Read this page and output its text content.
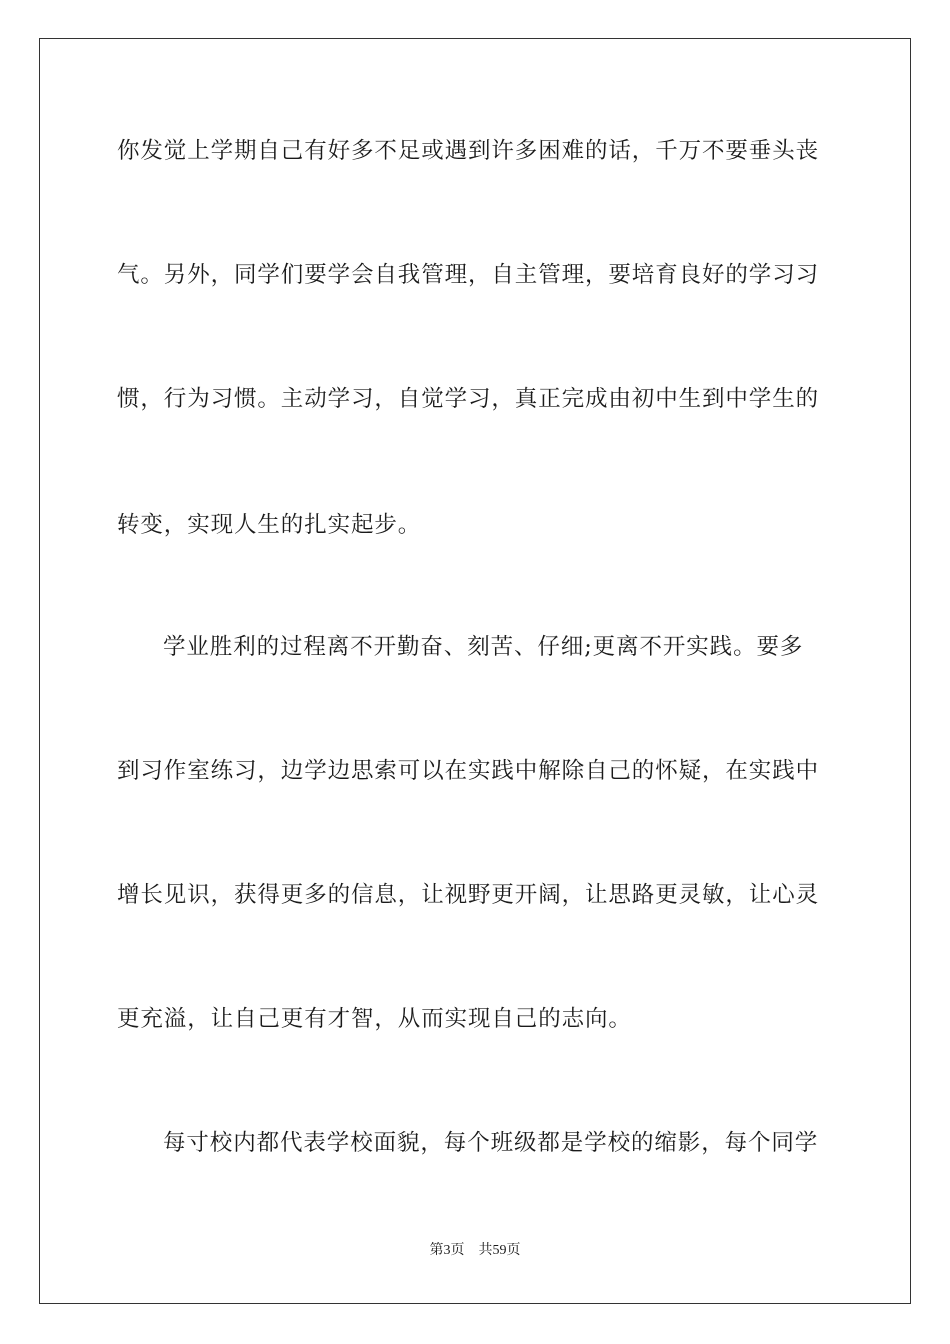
你发觉上学期自己有好多不足或遇到许多困难的话，千万不要垂头丧
气。另外，同学们要学会自我管理，自主管理，要培育良好的学习习
惯，行为习惯。主动学习，自觉学习，真正完成由初中生到中学生的
转变，实现人生的扎实起步。
学业胜利的过程离不开勤奋、刻苦、仔细;更离不开实践。要多
到习作室练习，边学边思索可以在实践中解除自己的怀疑，在实践中
增长见识，获得更多的信息，让视野更开阔，让思路更灵敏，让心灵
更充溢，让自己更有才智，从而实现自己的志向。
每寸校内都代表学校面貌，每个班级都是学校的缩影，每个同学
第3页 共59页
